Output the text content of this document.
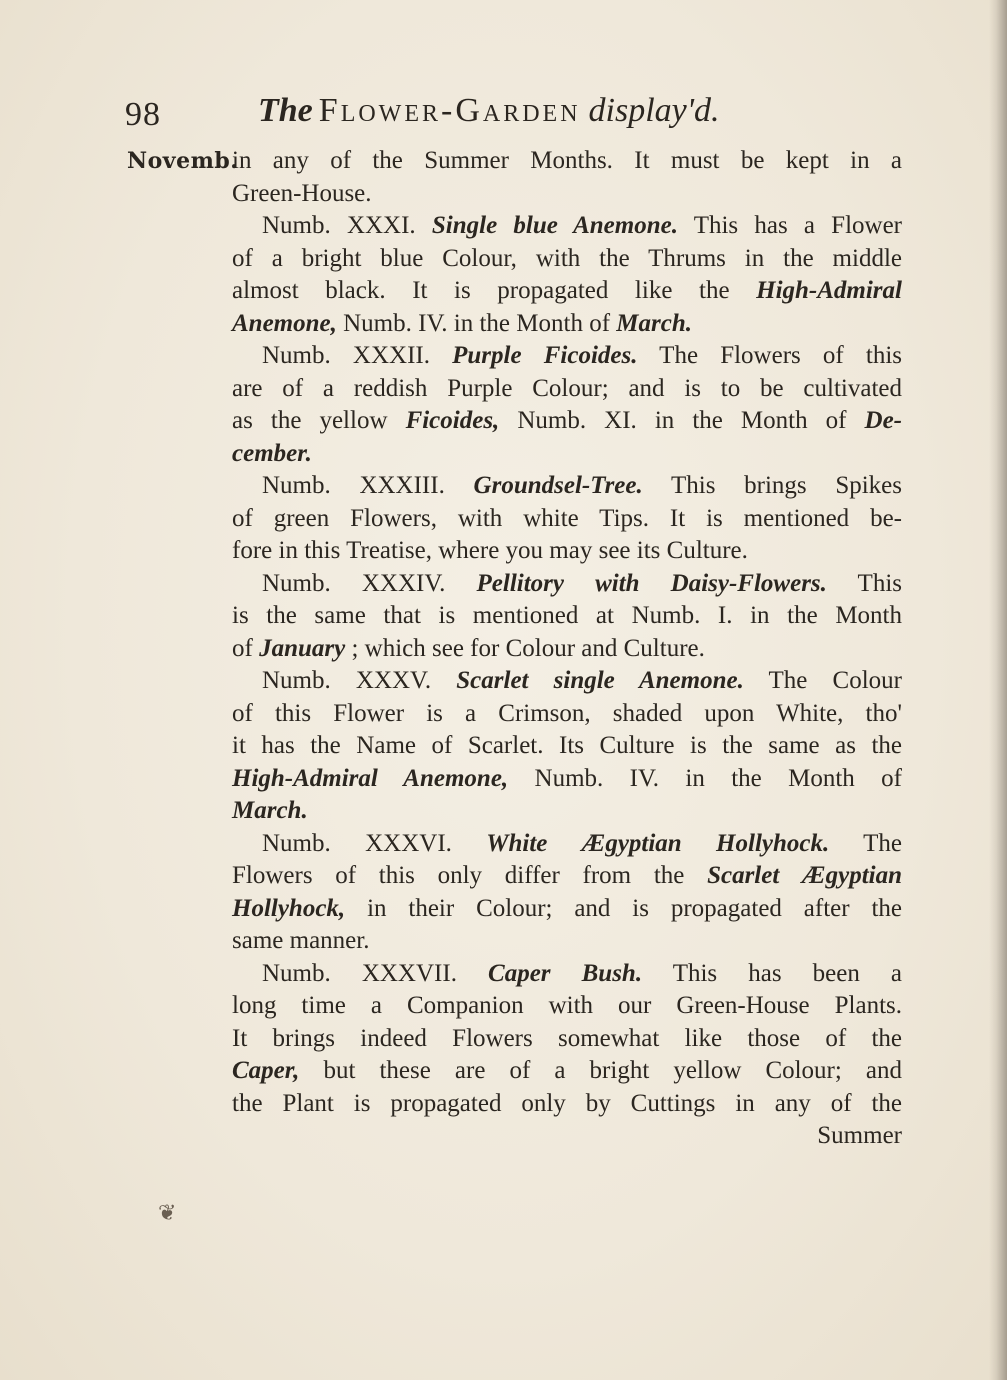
98	The Flower-Garden display'd.
Novemb.
in any of the Summer Months. It must be kept in a
Green-House.
Numb. XXXI. Single blue Anemone. This has a Flower
of a bright blue Colour, with the Thrums in the middle
almost black. It is propagated like the High-Admiral
Anemone, Numb. IV. in the Month of March.
Numb. XXXII. Purple Ficoides. The Flowers of this
are of a reddish Purple Colour; and is to be cultivated
as the yellow Ficoides, Numb. XI. in the Month of De-
cember.
Numb. XXXIII. Groundsel-Tree. This brings Spikes
of green Flowers, with white Tips. It is mentioned be-
fore in this Treatise, where you may see its Culture.
Numb. XXXIV. Pellitory with Daisy-Flowers. This
is the same that is mentioned at Numb. I. in the Month
of January ; which see for Colour and Culture.
Numb. XXXV. Scarlet single Anemone. The Colour
of this Flower is a Crimson, shaded upon White, tho'
it has the Name of Scarlet. Its Culture is the same as the
High-Admiral Anemone, Numb. IV. in the Month of
March.
Numb. XXXVI. White Ægyptian Hollyhock. The
Flowers of this only differ from the Scarlet Ægyptian
Hollyhock, in their Colour; and is propagated after the
same manner.
Numb. XXXVII. Caper Bush. This has been a
long time a Companion with our Green-House Plants.
It brings indeed Flowers somewhat like those of the
Caper, but these are of a bright yellow Colour; and
the Plant is propagated only by Cuttings in any of the
Summer
❦
